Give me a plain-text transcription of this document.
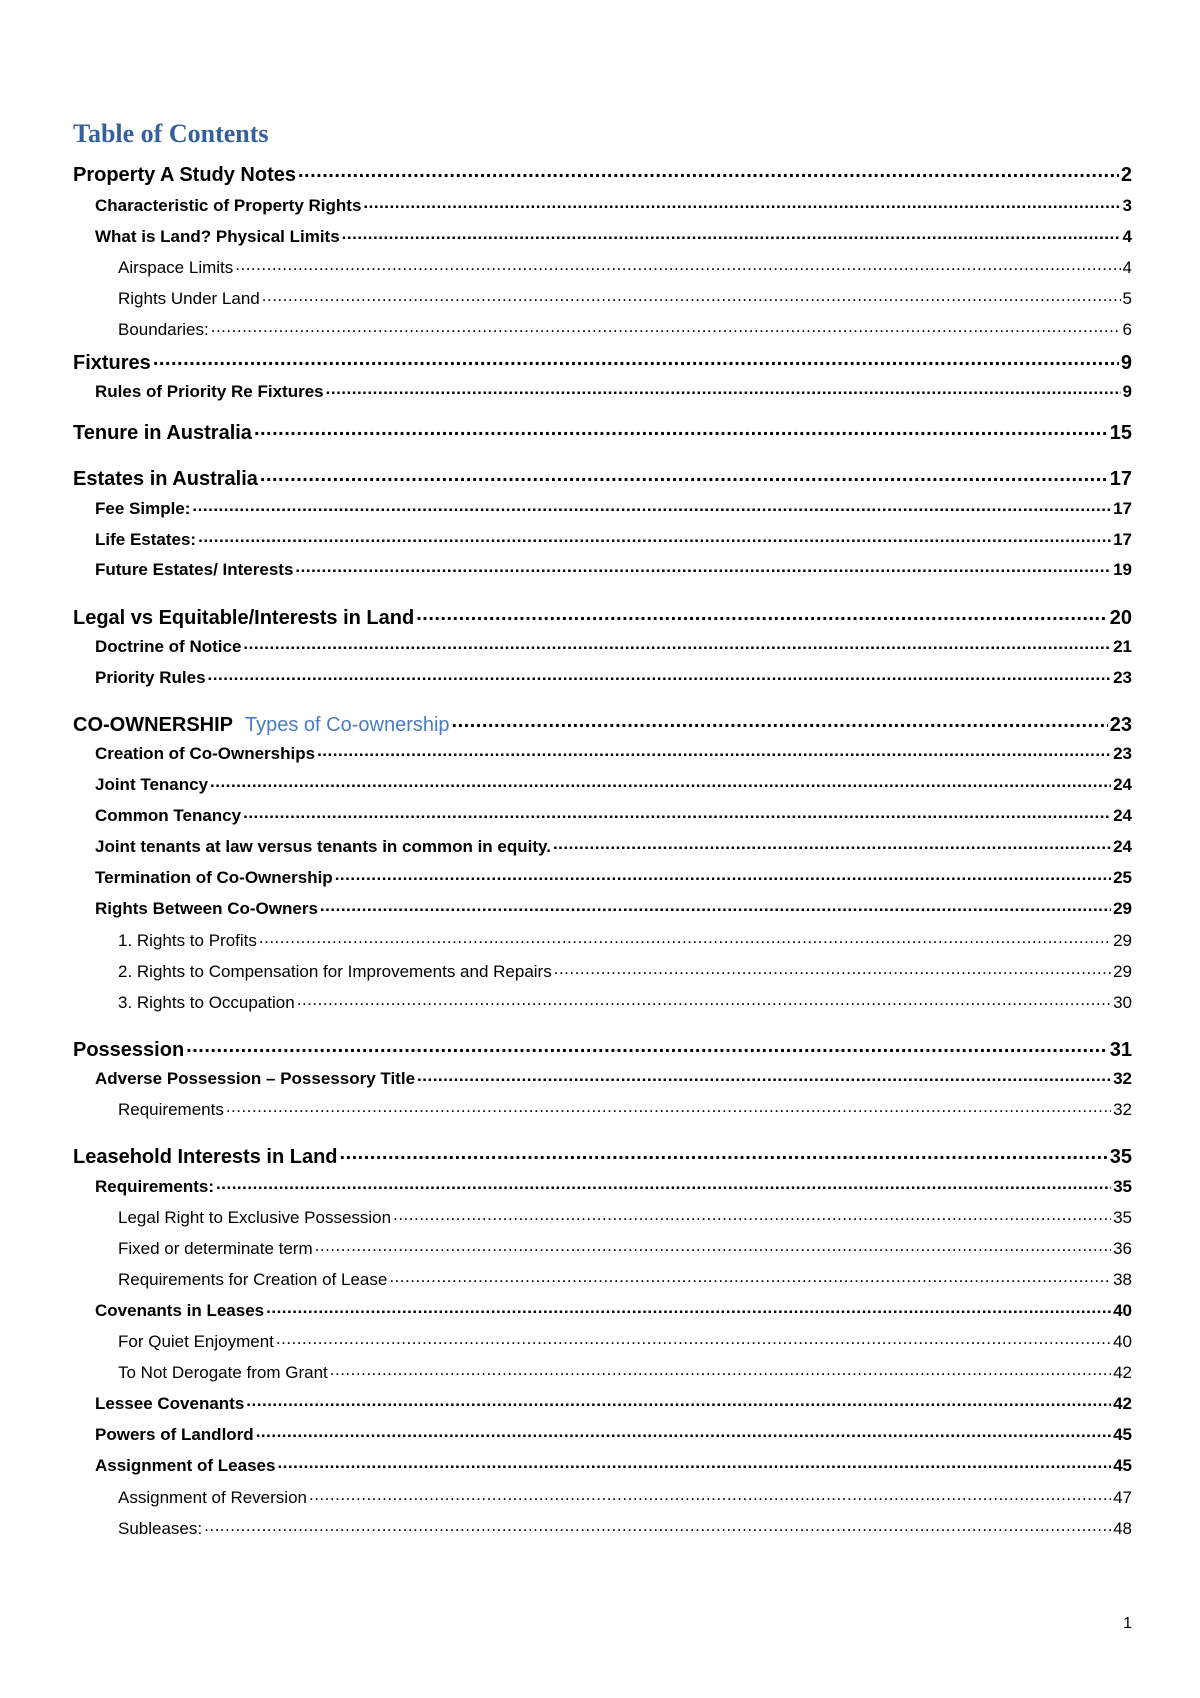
Table of Contents
Property A Study Notes .....	2
Characteristic of Property Rights .....	3
What is Land? Physical Limits .....	4
Airspace Limits .....	4
Rights Under Land .....	5
Boundaries: .....	6
Fixtures .....	9
Rules of Priority Re Fixtures .....	9
Tenure in Australia .....	15
Estates in Australia .....	17
Fee Simple: .....	17
Life Estates: .....	17
Future Estates/ Interests .....	19
Legal vs Equitable/Interests in Land .....	20
Doctrine of Notice .....	21
Priority Rules .....	23
CO-OWNERSHIP Types of Co-ownership .....	23
Creation of Co-Ownerships .....	23
Joint Tenancy .....	24
Common Tenancy .....	24
Joint tenants at law versus tenants in common in equity. .....	24
Termination of Co-Ownership .....	25
Rights Between Co-Owners .....	29
1. Rights to Profits .....	29
2. Rights to Compensation for Improvements and Repairs .....	29
3. Rights to Occupation .....	30
Possession .....	31
Adverse Possession – Possessory Title .....	32
Requirements .....	32
Leasehold Interests in Land .....	35
Requirements: .....	35
Legal Right to Exclusive Possession .....	35
Fixed or determinate term .....	36
Requirements for Creation of Lease .....	38
Covenants in Leases .....	40
For Quiet Enjoyment .....	40
To Not Derogate from Grant .....	42
Lessee Covenants .....	42
Powers of Landlord .....	45
Assignment of Leases .....	45
Assignment of Reversion .....	47
Subleases: .....	48
1
